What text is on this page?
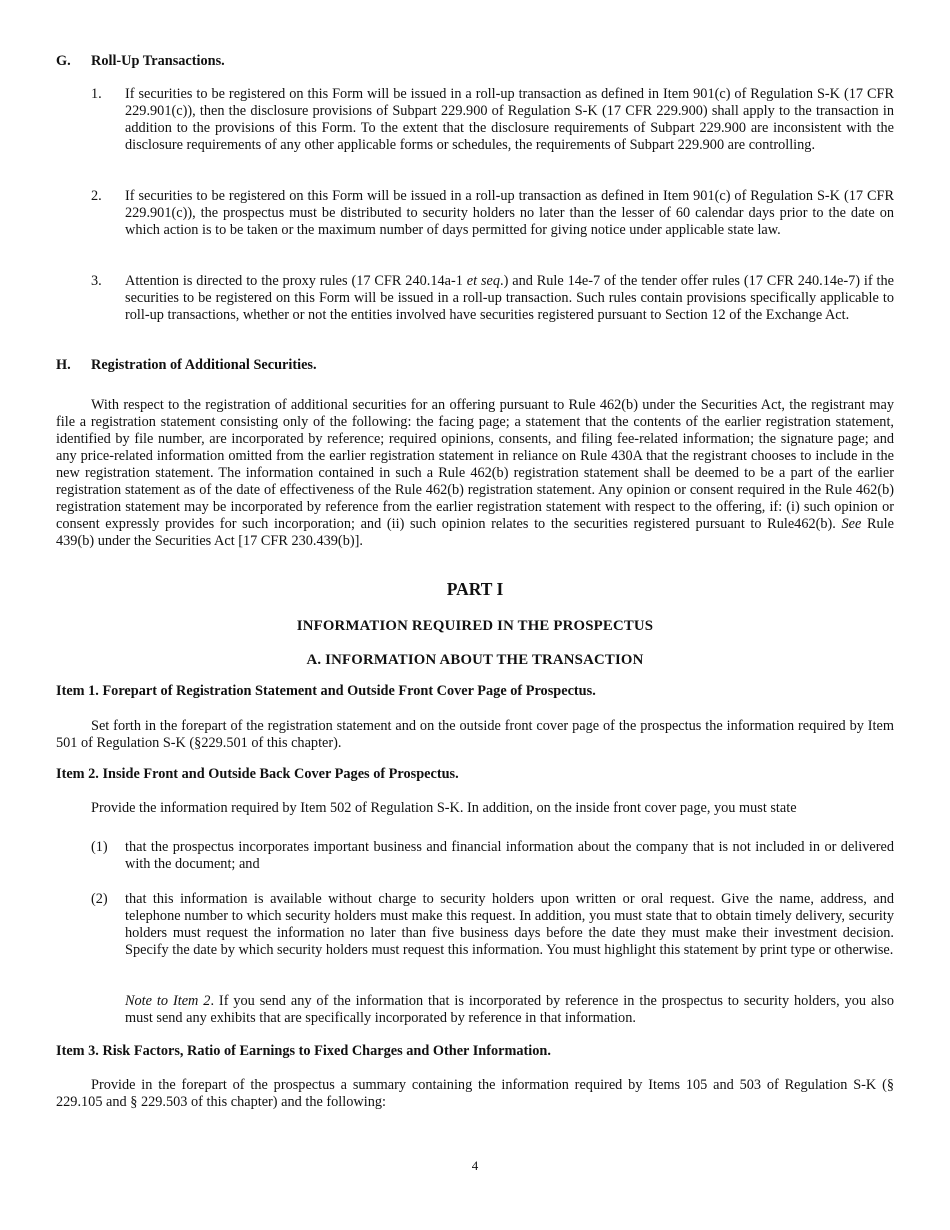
G. Roll-Up Transactions.

1. If securities to be registered on this Form will be issued in a roll-up transaction as defined in Item 901(c) of Regulation S-K (17 CFR 229.901(c)), then the disclosure provisions of Subpart 229.900 of Regulation S-K (17 CFR 229.900) shall apply to the transaction in addition to the provisions of this Form. To the extent that the disclosure requirements of Subpart 229.900 are inconsistent with the disclosure requirements of any other applicable forms or schedules, the requirements of Subpart 229.900 are controlling.

2. If securities to be registered on this Form will be issued in a roll-up transaction as defined in Item 901(c) of Regulation S-K (17 CFR 229.901(c)), the prospectus must be distributed to security holders no later than the lesser of 60 calendar days prior to the date on which action is to be taken or the maximum number of days permitted for giving notice under applicable state law.

3. Attention is directed to the proxy rules (17 CFR 240.14a-1 et seq.) and Rule 14e-7 of the tender offer rules (17 CFR 240.14e-7) if the securities to be registered on this Form will be issued in a roll-up transaction. Such rules contain provisions specifically applicable to roll-up transactions, whether or not the entities involved have securities registered pursuant to Section 12 of the Exchange Act.

H. Registration of Additional Securities.

With respect to the registration of additional securities for an offering pursuant to Rule 462(b) under the Securities Act, the registrant may file a registration statement consisting only of the following: the facing page; a statement that the contents of the earlier registration statement, identified by file number, are incorporated by reference; required opinions, consents, and filing fee-related information; the signature page; and any price-related information omitted from the earlier registration statement in reliance on Rule 430A that the registrant chooses to include in the new registration statement. The information contained in such a Rule 462(b) registration statement shall be deemed to be a part of the earlier registration statement as of the date of effectiveness of the Rule 462(b) registration statement. Any opinion or consent required in the Rule 462(b) registration statement may be incorporated by reference from the earlier registration statement with respect to the offering, if: (i) such opinion or consent expressly provides for such incorporation; and (ii) such opinion relates to the securities registered pursuant to Rule462(b). See Rule 439(b) under the Securities Act [17 CFR 230.439(b)].

PART I

INFORMATION REQUIRED IN THE PROSPECTUS

A. INFORMATION ABOUT THE TRANSACTION

Item 1. Forepart of Registration Statement and Outside Front Cover Page of Prospectus.

Set forth in the forepart of the registration statement and on the outside front cover page of the prospectus the information required by Item 501 of Regulation S-K (§229.501 of this chapter).

Item 2. Inside Front and Outside Back Cover Pages of Prospectus.

Provide the information required by Item 502 of Regulation S-K. In addition, on the inside front cover page, you must state

(1) that the prospectus incorporates important business and financial information about the company that is not included in or delivered with the document; and

(2) that this information is available without charge to security holders upon written or oral request. Give the name, address, and telephone number to which security holders must make this request. In addition, you must state that to obtain timely delivery, security holders must request the information no later than five business days before the date they must make their investment decision. Specify the date by which security holders must request this information. You must highlight this statement by print type or otherwise.

Note to Item 2. If you send any of the information that is incorporated by reference in the prospectus to security holders, you also must send any exhibits that are specifically incorporated by reference in that information.

Item 3. Risk Factors, Ratio of Earnings to Fixed Charges and Other Information.

Provide in the forepart of the prospectus a summary containing the information required by Items 105 and 503 of Regulation S-K (§ 229.105 and § 229.503 of this chapter) and the following:

4
